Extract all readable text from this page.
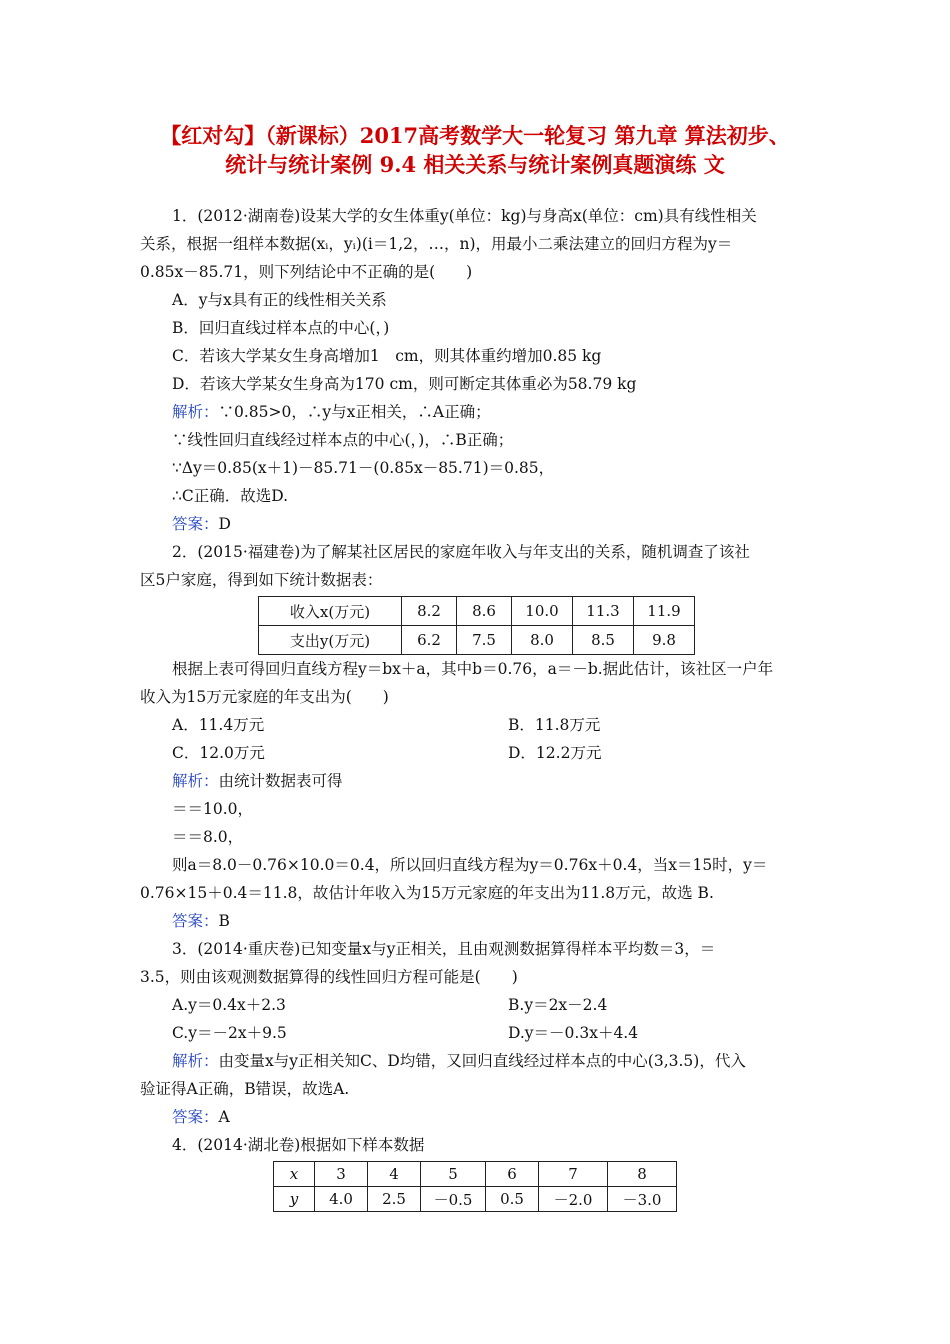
【红对勾】（新课标）2017高考数学大一轮复习 第九章 算法初步、
统计与统计案例 9.4 相关关系与统计案例真题演练 文
1．(2012·湖南卷)设某大学的女生体重y(单位：kg)与身高x(单位：cm)具有线性相关
关系，根据一组样本数据(xᵢ，yᵢ)(i＝1,2，…，n)，用最小二乘法建立的回归方程为y＝
0.85x－85.71，则下列结论中不正确的是(　　)
A．y与x具有正的线性相关关系
B．回归直线过样本点的中心(，)
C．若该大学某女生身高增加1　cm，则其体重约增加0.85 kg
D．若该大学某女生身高为170 cm，则可断定其体重必为58.79 kg
解析：∵0.85>0，∴y与x正相关，∴A正确；
∵线性回归直线经过样本点的中心(，)，∴B正确；
∵Δy＝0.85(x＋1)－85.71－(0.85x－85.71)＝0.85，
∴C正确．故选D.
答案：D
2．(2015·福建卷)为了解某社区居民的家庭年收入与年支出的关系，随机调查了该社
区5户家庭，得到如下统计数据表：
收入x(万元)	8.2	8.6	10.0	11.3	11.9
支出y(万元)	6.2	7.5	8.0	8.5	9.8
根据上表可得回归直线方程y＝bx＋a，其中b＝0.76，a＝－b.据此估计，该社区一户年
收入为15万元家庭的年支出为(　　)
A．11.4万元	B．11.8万元
C．12.0万元	D．12.2万元
解析：由统计数据表可得
＝＝10.0，
＝＝8.0，
则a＝8.0－0.76×10.0＝0.4，所以回归直线方程为y＝0.76x＋0.4，当x＝15时，y＝
0.76×15＋0.4＝11.8，故估计年收入为15万元家庭的年支出为11.8万元，故选 B.
答案：B
3．(2014·重庆卷)已知变量x与y正相关，且由观测数据算得样本平均数＝3，＝
3.5，则由该观测数据算得的线性回归方程可能是(　　)
A.y＝0.4x＋2.3	B.y＝2x－2.4
C.y＝－2x＋9.5	D.y＝－0.3x＋4.4
解析：由变量x与y正相关知C、D均错，又回归直线经过样本点的中心(3,3.5)，代入
验证得A正确，B错误，故选A.
答案：A
4．(2014·湖北卷)根据如下样本数据
x	3	4	5	6	7	8
y	4.0	2.5	－0.5	0.5	－2.0	－3.0
